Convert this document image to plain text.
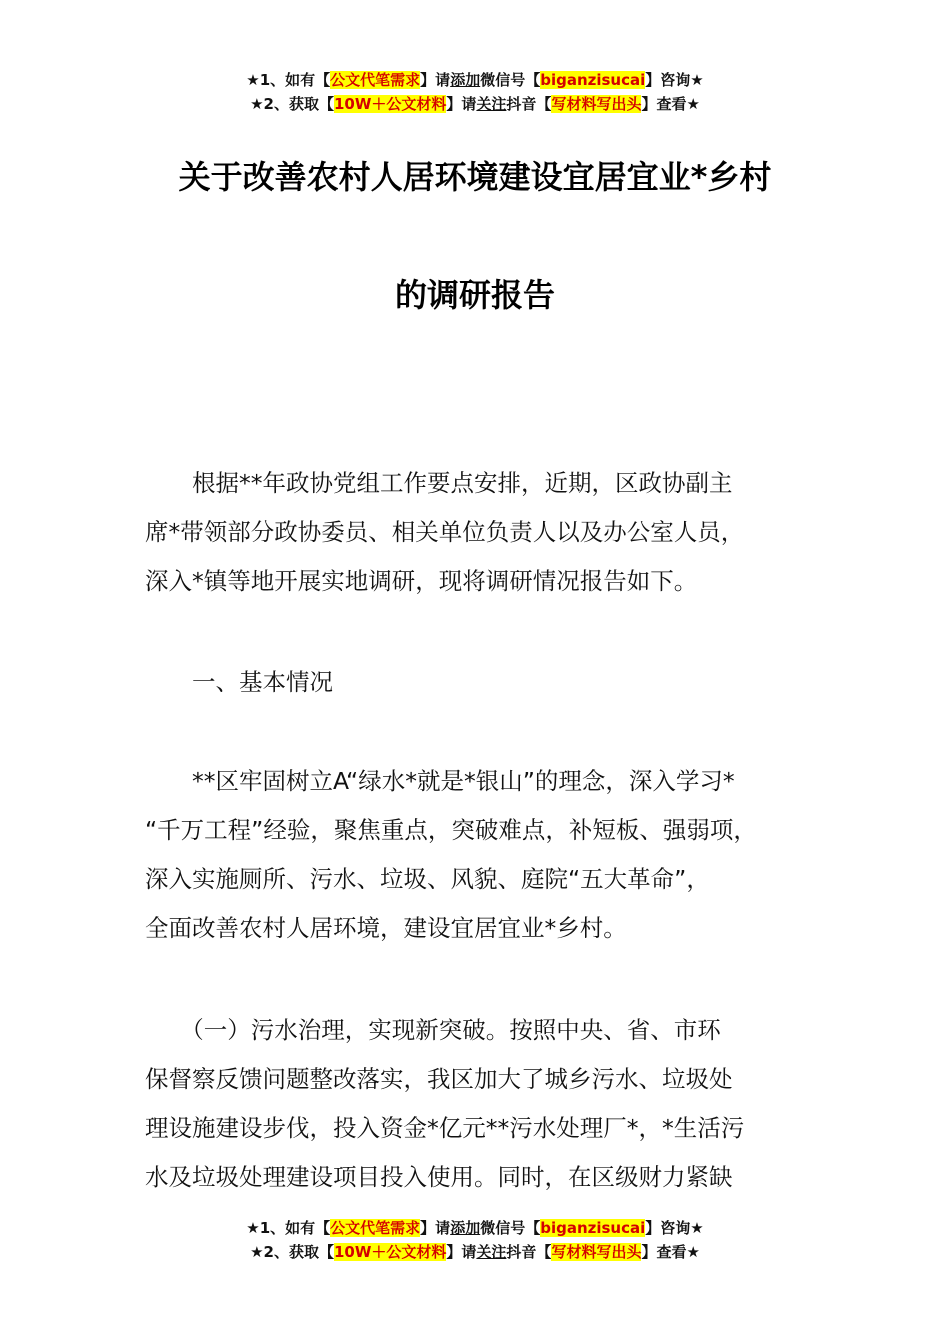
★1、如有【公文代笔需求】请添加微信号【biganzisucai】咨询★
★2、获取【10W＋公文材料】请关注抖音【写材料写出头】查看★
关于改善农村人居环境建设宜居宜业*乡村
的调研报告
　　根据**年政协党组工作要点安排，近期，区政协副主
席*带领部分政协委员、相关单位负责人以及办公室人员，
深入*镇等地开展实地调研，现将调研情况报告如下。
　　一、基本情况
　　**区牢固树立A“绿水*就是*银山”的理念，深入学习*
“千万工程”经验，聚焦重点，突破难点，补短板、强弱项，
深入实施厕所、污水、垃圾、风貌、庭院“五大革命”，
全面改善农村人居环境，建设宜居宜业*乡村。
　　（一）污水治理，实现新突破。按照中央、省、市环
保督察反馈问题整改落实，我区加大了城乡污水、垃圾处
理设施建设步伐，投入资金*亿元**污水处理厂*，*生活污
水及垃圾处理建设项目投入使用。同时，在区级财力紧缺
★1、如有【公文代笔需求】请添加微信号【biganzisucai】咨询★
★2、获取【10W＋公文材料】请关注抖音【写材料写出头】查看★
